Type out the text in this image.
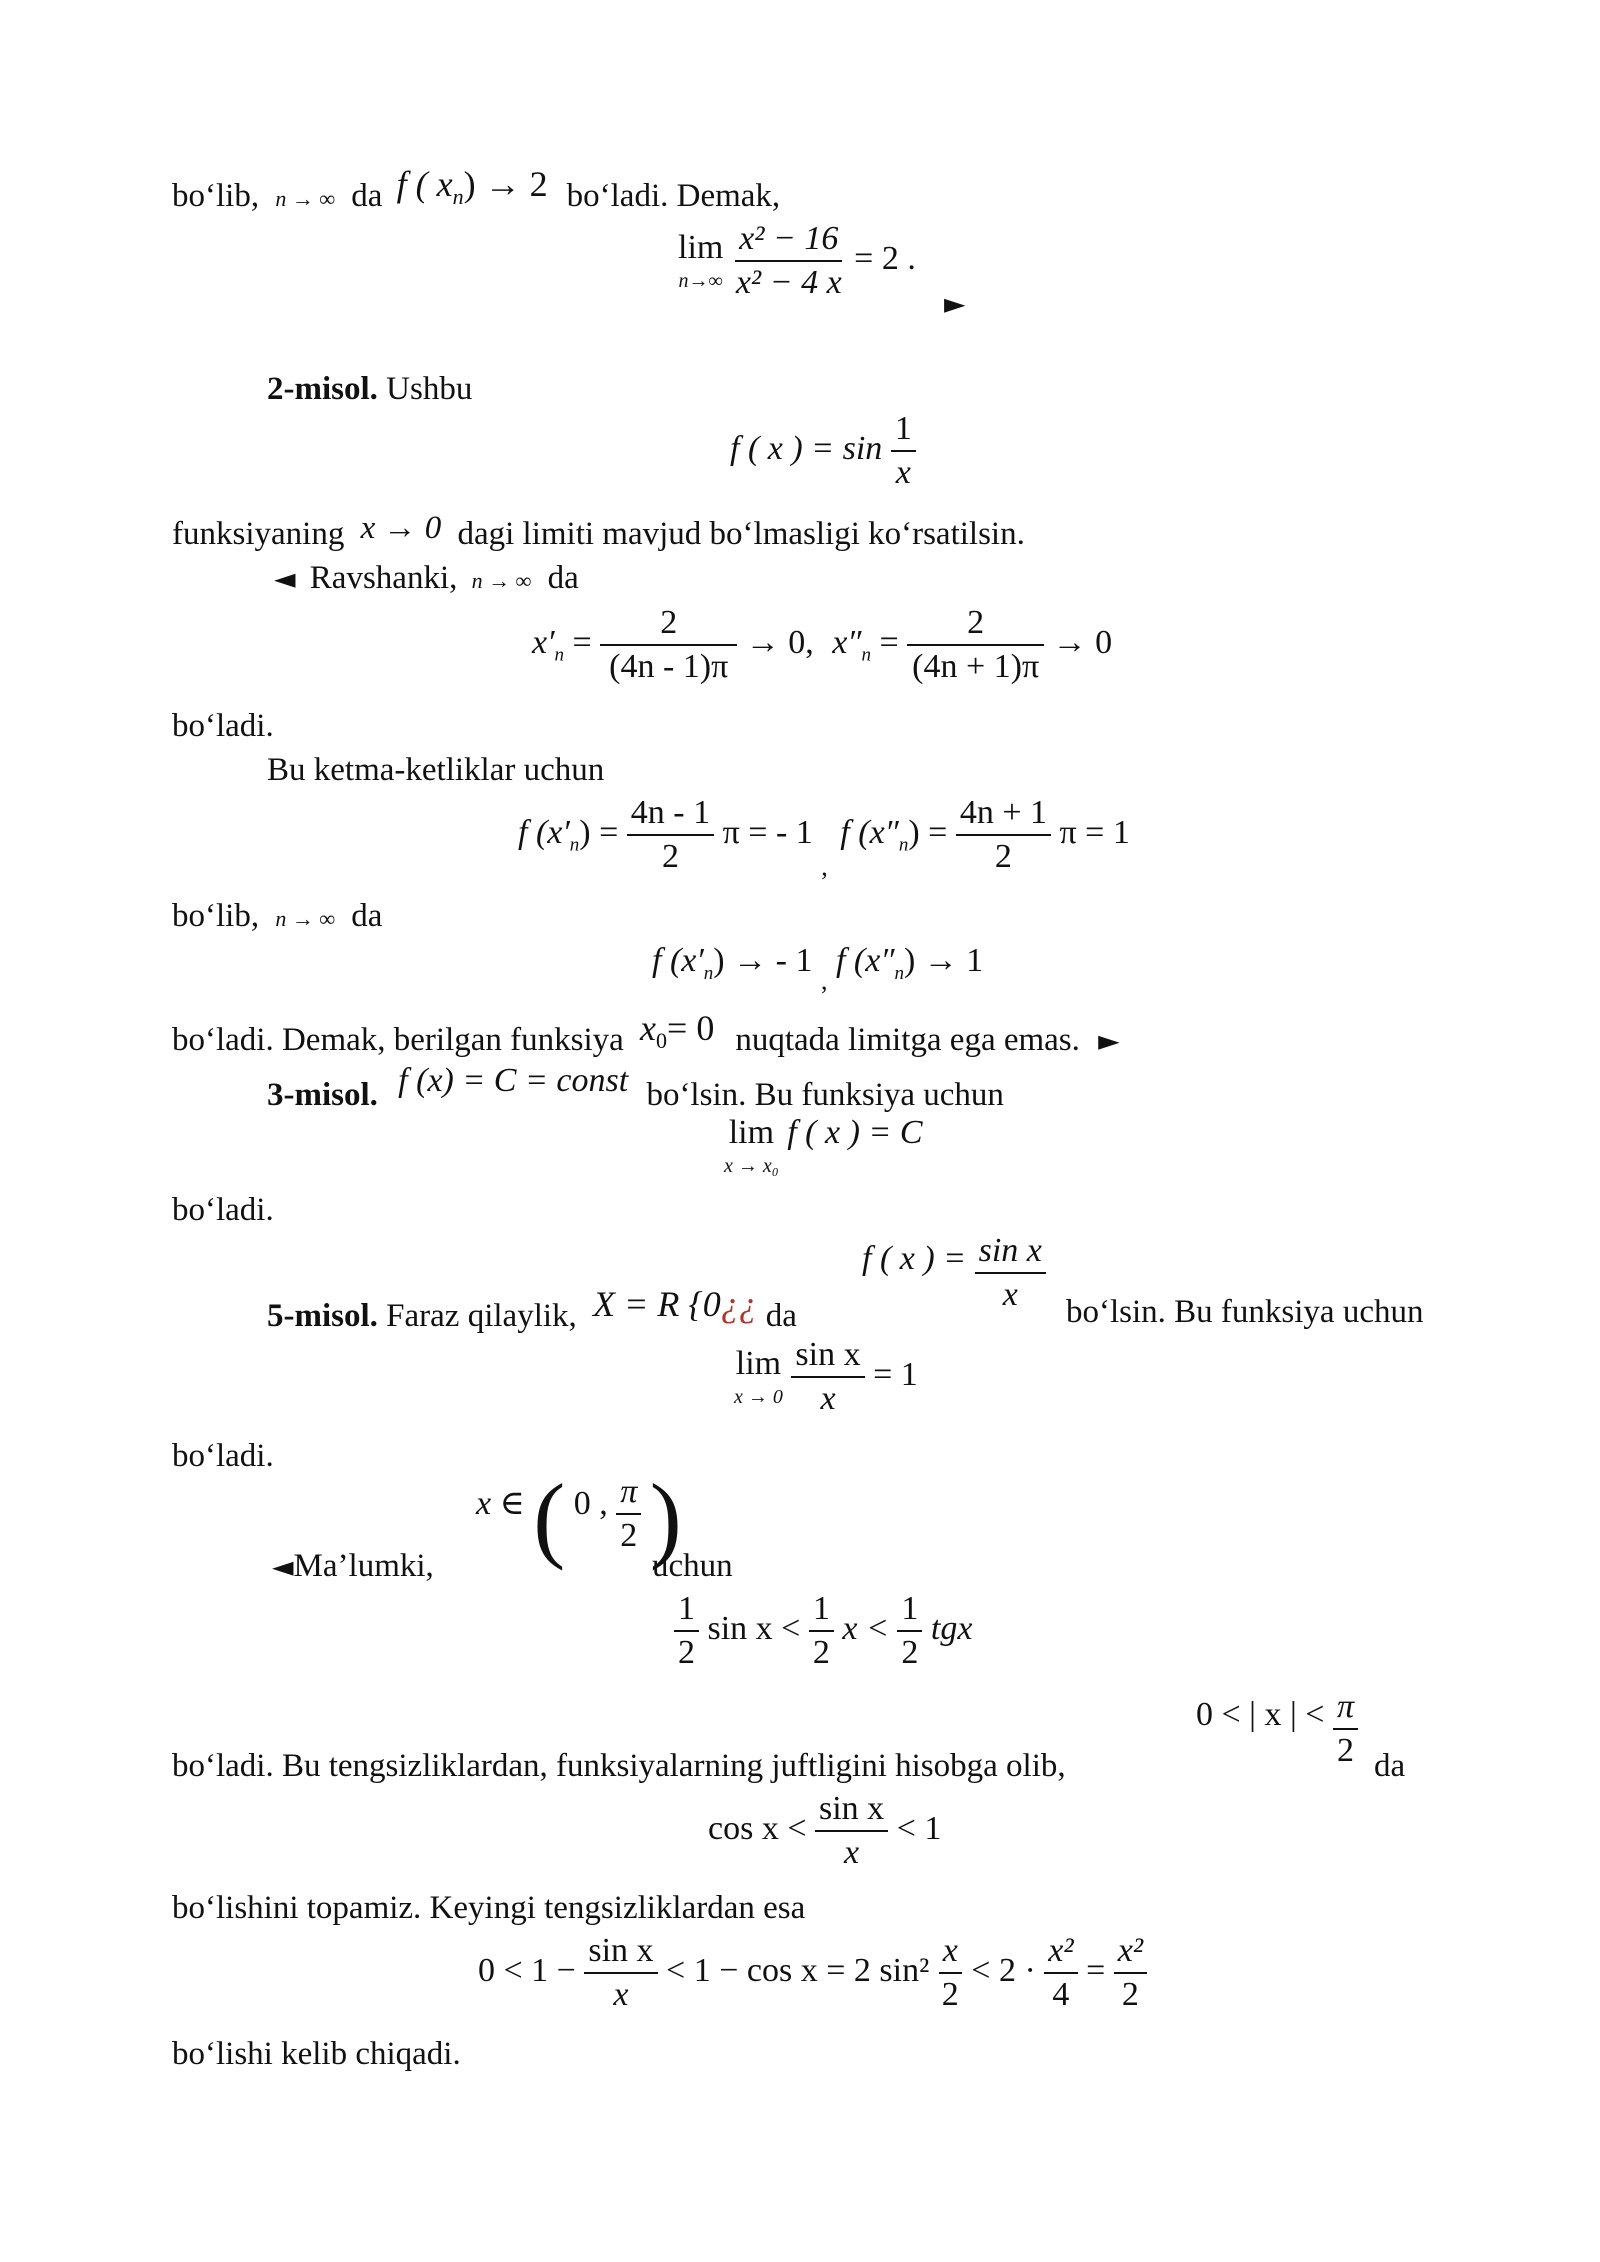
bo‘lib, n → ∞ da f ( $x_n) \to 2$ bo‘ladi. Demak,
lim
n→∞
$\frac{\text{x² − 16}}{\text{x² − 4 x}} = 2$ .
►
2-misol. Ushbu
f ( x ) = $\sin \frac{1}{x}$
funksiyaning x → 0 dagi limiti mavjud bo‘lmasligi ko‘rsatilsin.
◄ Ravshanki, n → ∞ da
$x'_n = \frac{2}{(4n - 1)\pi} \to 0$, $x''_n = \frac{2}{(4n + 1)\pi} \to 0$
bo‘ladi.
Bu ketma-ketliklar uchun
f $(x'_n) = \frac{4n - 1}{2}$ π = - 1 $_,$ f $(x''_n) = \frac{4n + 1}{2}$ π = 1
bo‘lib, n → ∞ da
f $(x'_n)$ → - 1 $_,$ f $(x''_n) \to 1$
bo‘ladi. Demak, berilgan funksiya $x_0= 0$ nuqtada limitga ega emas. ►
3-misol. f (x) = C = const bo‘lsin. Bu funksiya uchun
lim
x → x₀
f ( x ) = C
bo‘ladi.
5-misol. Faraz qilaylik, X = R {0¿¿ da
f ( x ) = $\frac{\text{sin x}}{x}$ bo‘lsin. Bu funksiya uchun
lim
x → 0
$\frac{\text{sin x}}{x} = 1$
bo‘ladi.
◄Ma’lumki,
x ∈ ( 0 , $\frac{\pi}{2}$ )
uchun
$\frac{1}{2}$ $\sin x < \frac{1}{2}$ $x < \frac{1}{2}$ tgx
bo‘ladi. Bu tengsizliklardan, funksiyalarning juftligini hisobga olib,
0 < | x | < $\frac{\pi}{2}$ da
$\cos x < \frac{\text{sin x}}{x} < 1$
bo‘lishini topamiz. Keyingi tengsizliklardan esa
$0 < 1 - \frac{\text{sin x}}{x} < 1 - \cos x = 2$ $\sin^2 \frac{x}{2} < 2 \cdot \frac{\text{x²}}{4} = \frac{\text{x²}}{2}$
bo‘lishi kelib chiqadi.
